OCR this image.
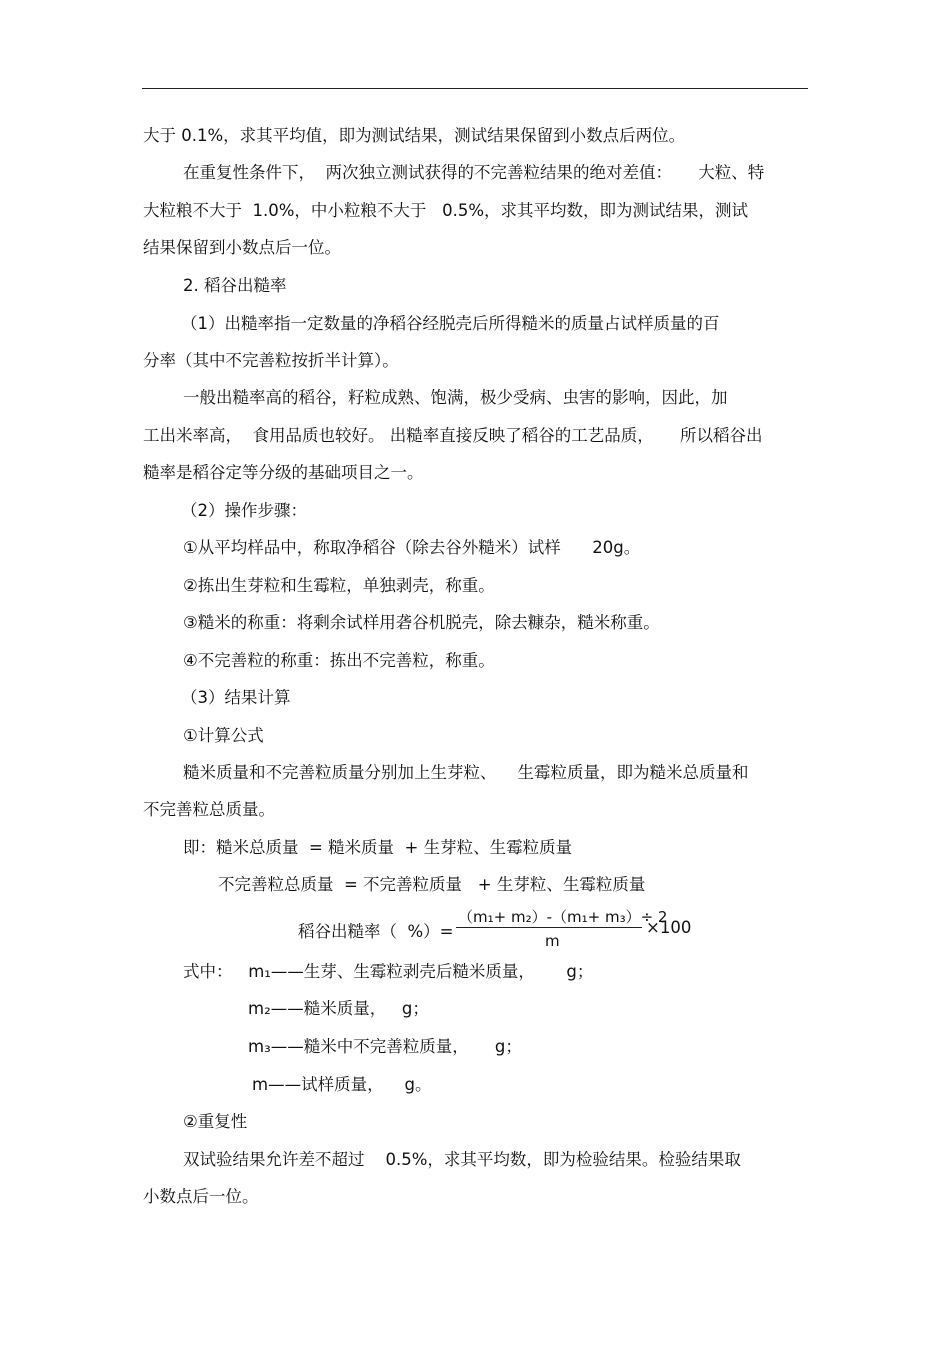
大于 0.1%，求其平均值，即为测试结果，测试结果保留到小数点后两位。
在重复性条件下，  两次独立测试获得的不完善粒结果的绝对差值：     大粒、特
大粒粮不大于  1.0%，中小粒粮不大于   0.5%，求其平均数，即为测试结果，测试
结果保留到小数点后一位。
2. 稻谷出糙率
（1）出糙率指一定数量的净稻谷经脱壳后所得糙米的质量占试样质量的百
分率（其中不完善粒按折半计算）。
一般出糙率高的稻谷，籽粒成熟、饱满，极少受病、虫害的影响，因此，加
工出米率高，  食用品质也较好。 出糙率直接反映了稻谷的工艺品质，     所以稻谷出
糙率是稻谷定等分级的基础项目之一。
（2）操作步骤：
①从平均样品中，称取净稻谷（除去谷外糙米）试样      20g。
②拣出生芽粒和生霉粒，单独剥壳，称重。
③糙米的称重：将剩余试样用砻谷机脱壳，除去糠杂，糙米称重。
④不完善粒的称重：拣出不完善粒，称重。
（3）结果计算
①计算公式
糙米质量和不完善粒质量分别加上生芽粒、    生霉粒质量，即为糙米总质量和
不完善粒总质量。
即：糙米总质量  = 糙米质量  + 生芽粒、生霉粒质量
不完善粒总质量  = 不完善粒质量   + 生芽粒、生霉粒质量
稻谷出糙率（  %）=
（m₁+ m₂）-（m₁+ m₃）÷ 2
m
×100
式中：   m₁——生芽、生霉粒剥壳后糙米质量，      g；
m₂——糙米质量，   g；
m₃——糙米中不完善粒质量，     g；
m——试样质量，    g。
②重复性
双试验结果允许差不超过    0.5%，求其平均数，即为检验结果。检验结果取
小数点后一位。
